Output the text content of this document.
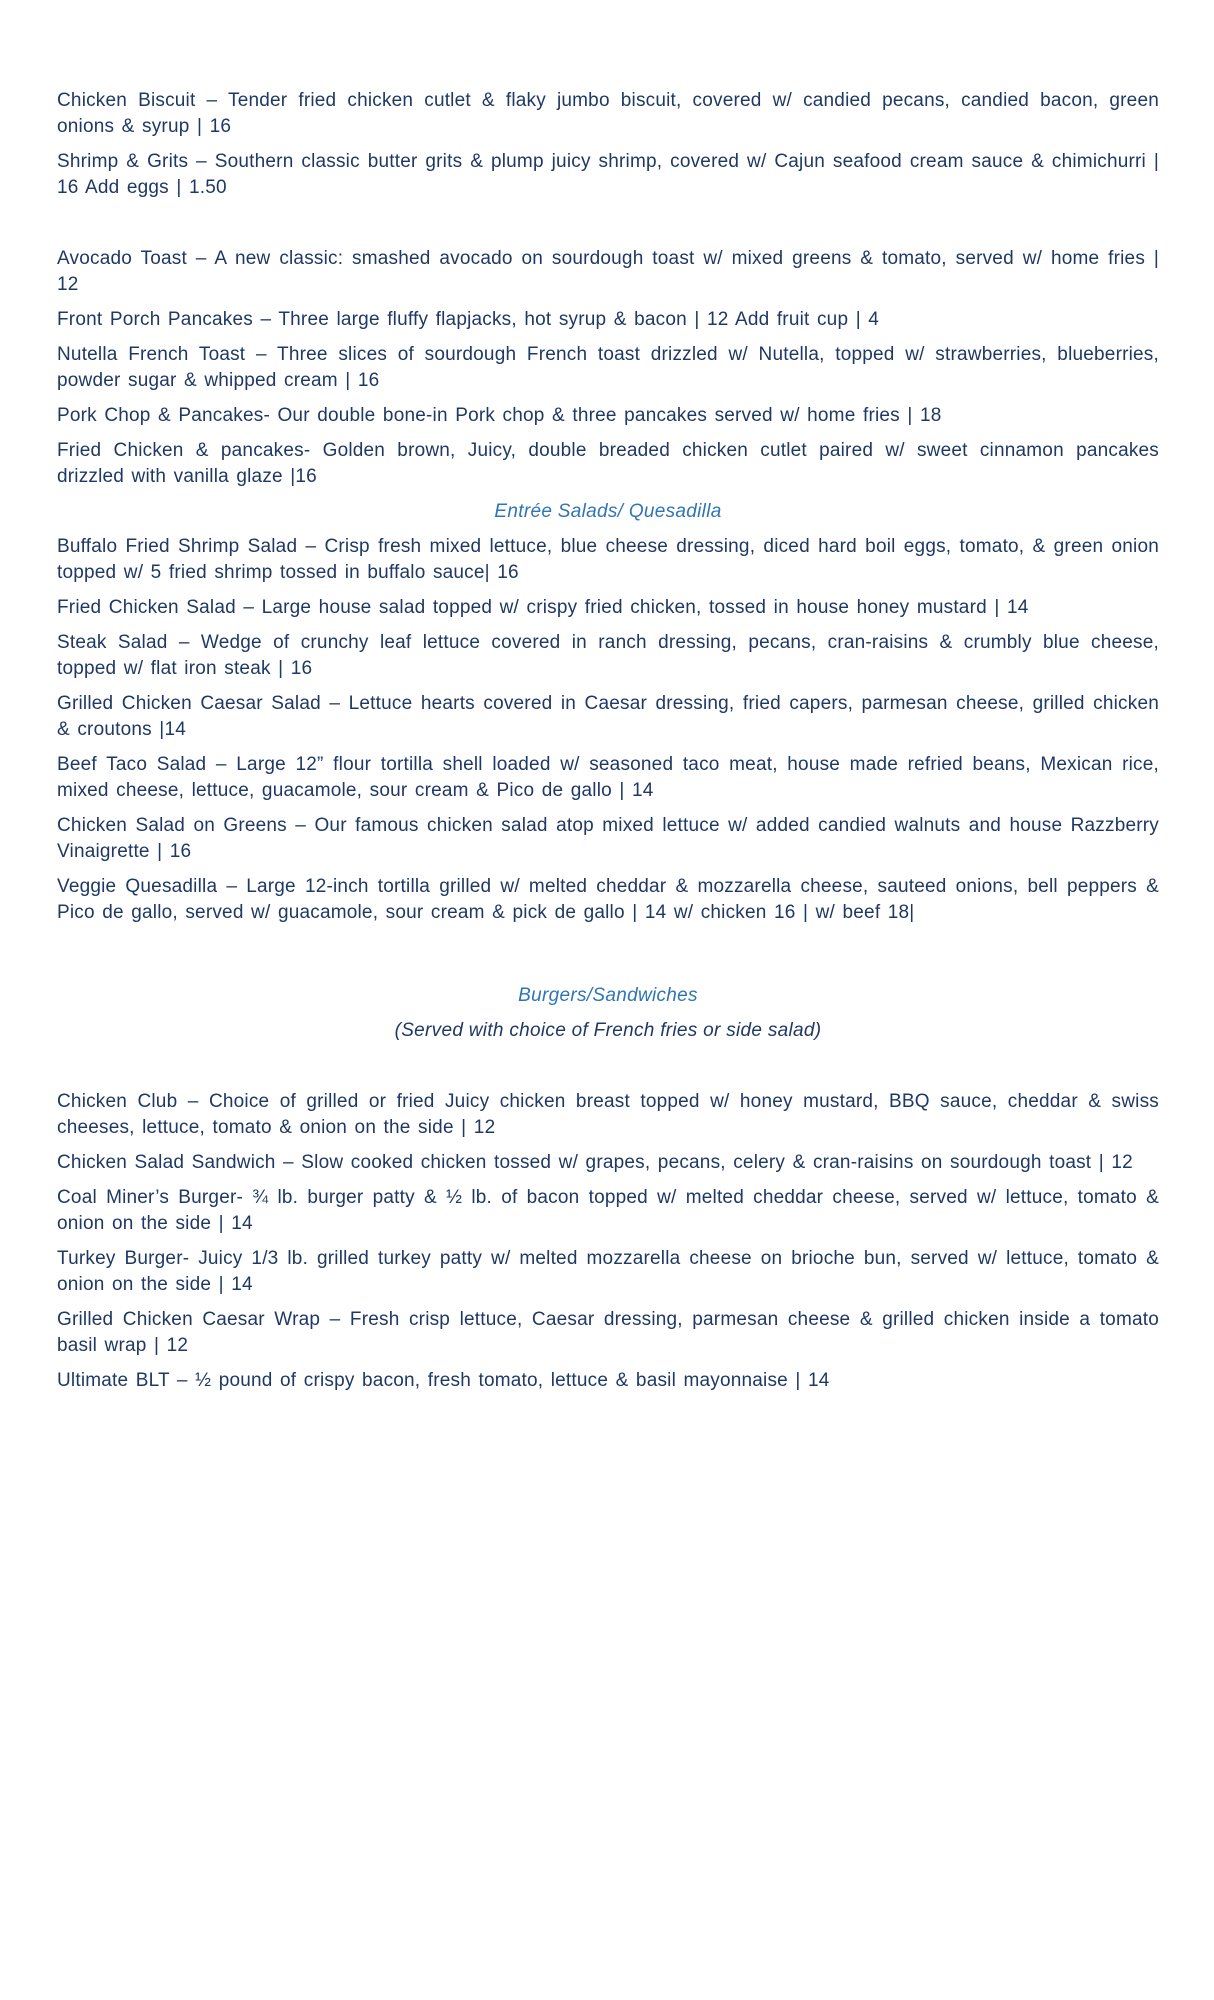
Chicken Biscuit – Tender fried chicken cutlet & flaky jumbo biscuit, covered w/ candied pecans, candied bacon, green onions & syrup | 16

Shrimp & Grits – Southern classic butter grits & plump juicy shrimp, covered w/ Cajun seafood cream sauce & chimichurri | 16 Add eggs | 1.50

Avocado Toast – A new classic: smashed avocado on sourdough toast w/ mixed greens & tomato, served w/ home fries | 12

Front Porch Pancakes – Three large fluffy flapjacks, hot syrup & bacon | 12 Add fruit cup | 4

Nutella French Toast – Three slices of sourdough French toast drizzled w/ Nutella, topped w/ strawberries, blueberries, powder sugar & whipped cream | 16

Pork Chop & Pancakes- Our double bone-in Pork chop & three pancakes served w/ home fries | 18

Fried Chicken & pancakes- Golden brown, Juicy, double breaded chicken cutlet paired w/ sweet cinnamon pancakes drizzled with vanilla glaze |16

Entrée Salads/ Quesadilla

Buffalo Fried Shrimp Salad – Crisp fresh mixed lettuce, blue cheese dressing, diced hard boil eggs, tomato, & green onion topped w/ 5 fried shrimp tossed in buffalo sauce| 16

Fried Chicken Salad – Large house salad topped w/ crispy fried chicken, tossed in house honey mustard | 14

Steak Salad – Wedge of crunchy leaf lettuce covered in ranch dressing, pecans, cran-raisins & crumbly blue cheese, topped w/ flat iron steak | 16

Grilled Chicken Caesar Salad – Lettuce hearts covered in Caesar dressing, fried capers, parmesan cheese, grilled chicken & croutons |14

Beef Taco Salad – Large 12” flour tortilla shell loaded w/ seasoned taco meat, house made refried beans, Mexican rice, mixed cheese, lettuce, guacamole, sour cream & Pico de gallo | 14

Chicken Salad on Greens – Our famous chicken salad atop mixed lettuce w/ added candied walnuts and house Razzberry Vinaigrette | 16

Veggie Quesadilla – Large 12-inch tortilla grilled w/ melted cheddar & mozzarella cheese, sauteed onions, bell peppers & Pico de gallo, served w/ guacamole, sour cream & pick de gallo | 14 w/ chicken 16 | w/ beef 18|

Burgers/Sandwiches

(Served with choice of French fries or side salad)

Chicken Club – Choice of grilled or fried Juicy chicken breast topped w/ honey mustard, BBQ sauce, cheddar & swiss cheeses, lettuce, tomato & onion on the side | 12

Chicken Salad Sandwich – Slow cooked chicken tossed w/ grapes, pecans, celery & cran-raisins on sourdough toast | 12

Coal Miner’s Burger- ¾ lb. burger patty & ½ lb. of bacon topped w/ melted cheddar cheese, served w/ lettuce, tomato & onion on the side | 14

Turkey Burger- Juicy 1/3 lb. grilled turkey patty w/ melted mozzarella cheese on brioche bun, served w/ lettuce, tomato & onion on the side | 14

Grilled Chicken Caesar Wrap – Fresh crisp lettuce, Caesar dressing, parmesan cheese & grilled chicken inside a tomato basil wrap | 12

Ultimate BLT – ½ pound of crispy bacon, fresh tomato, lettuce & basil mayonnaise | 14
